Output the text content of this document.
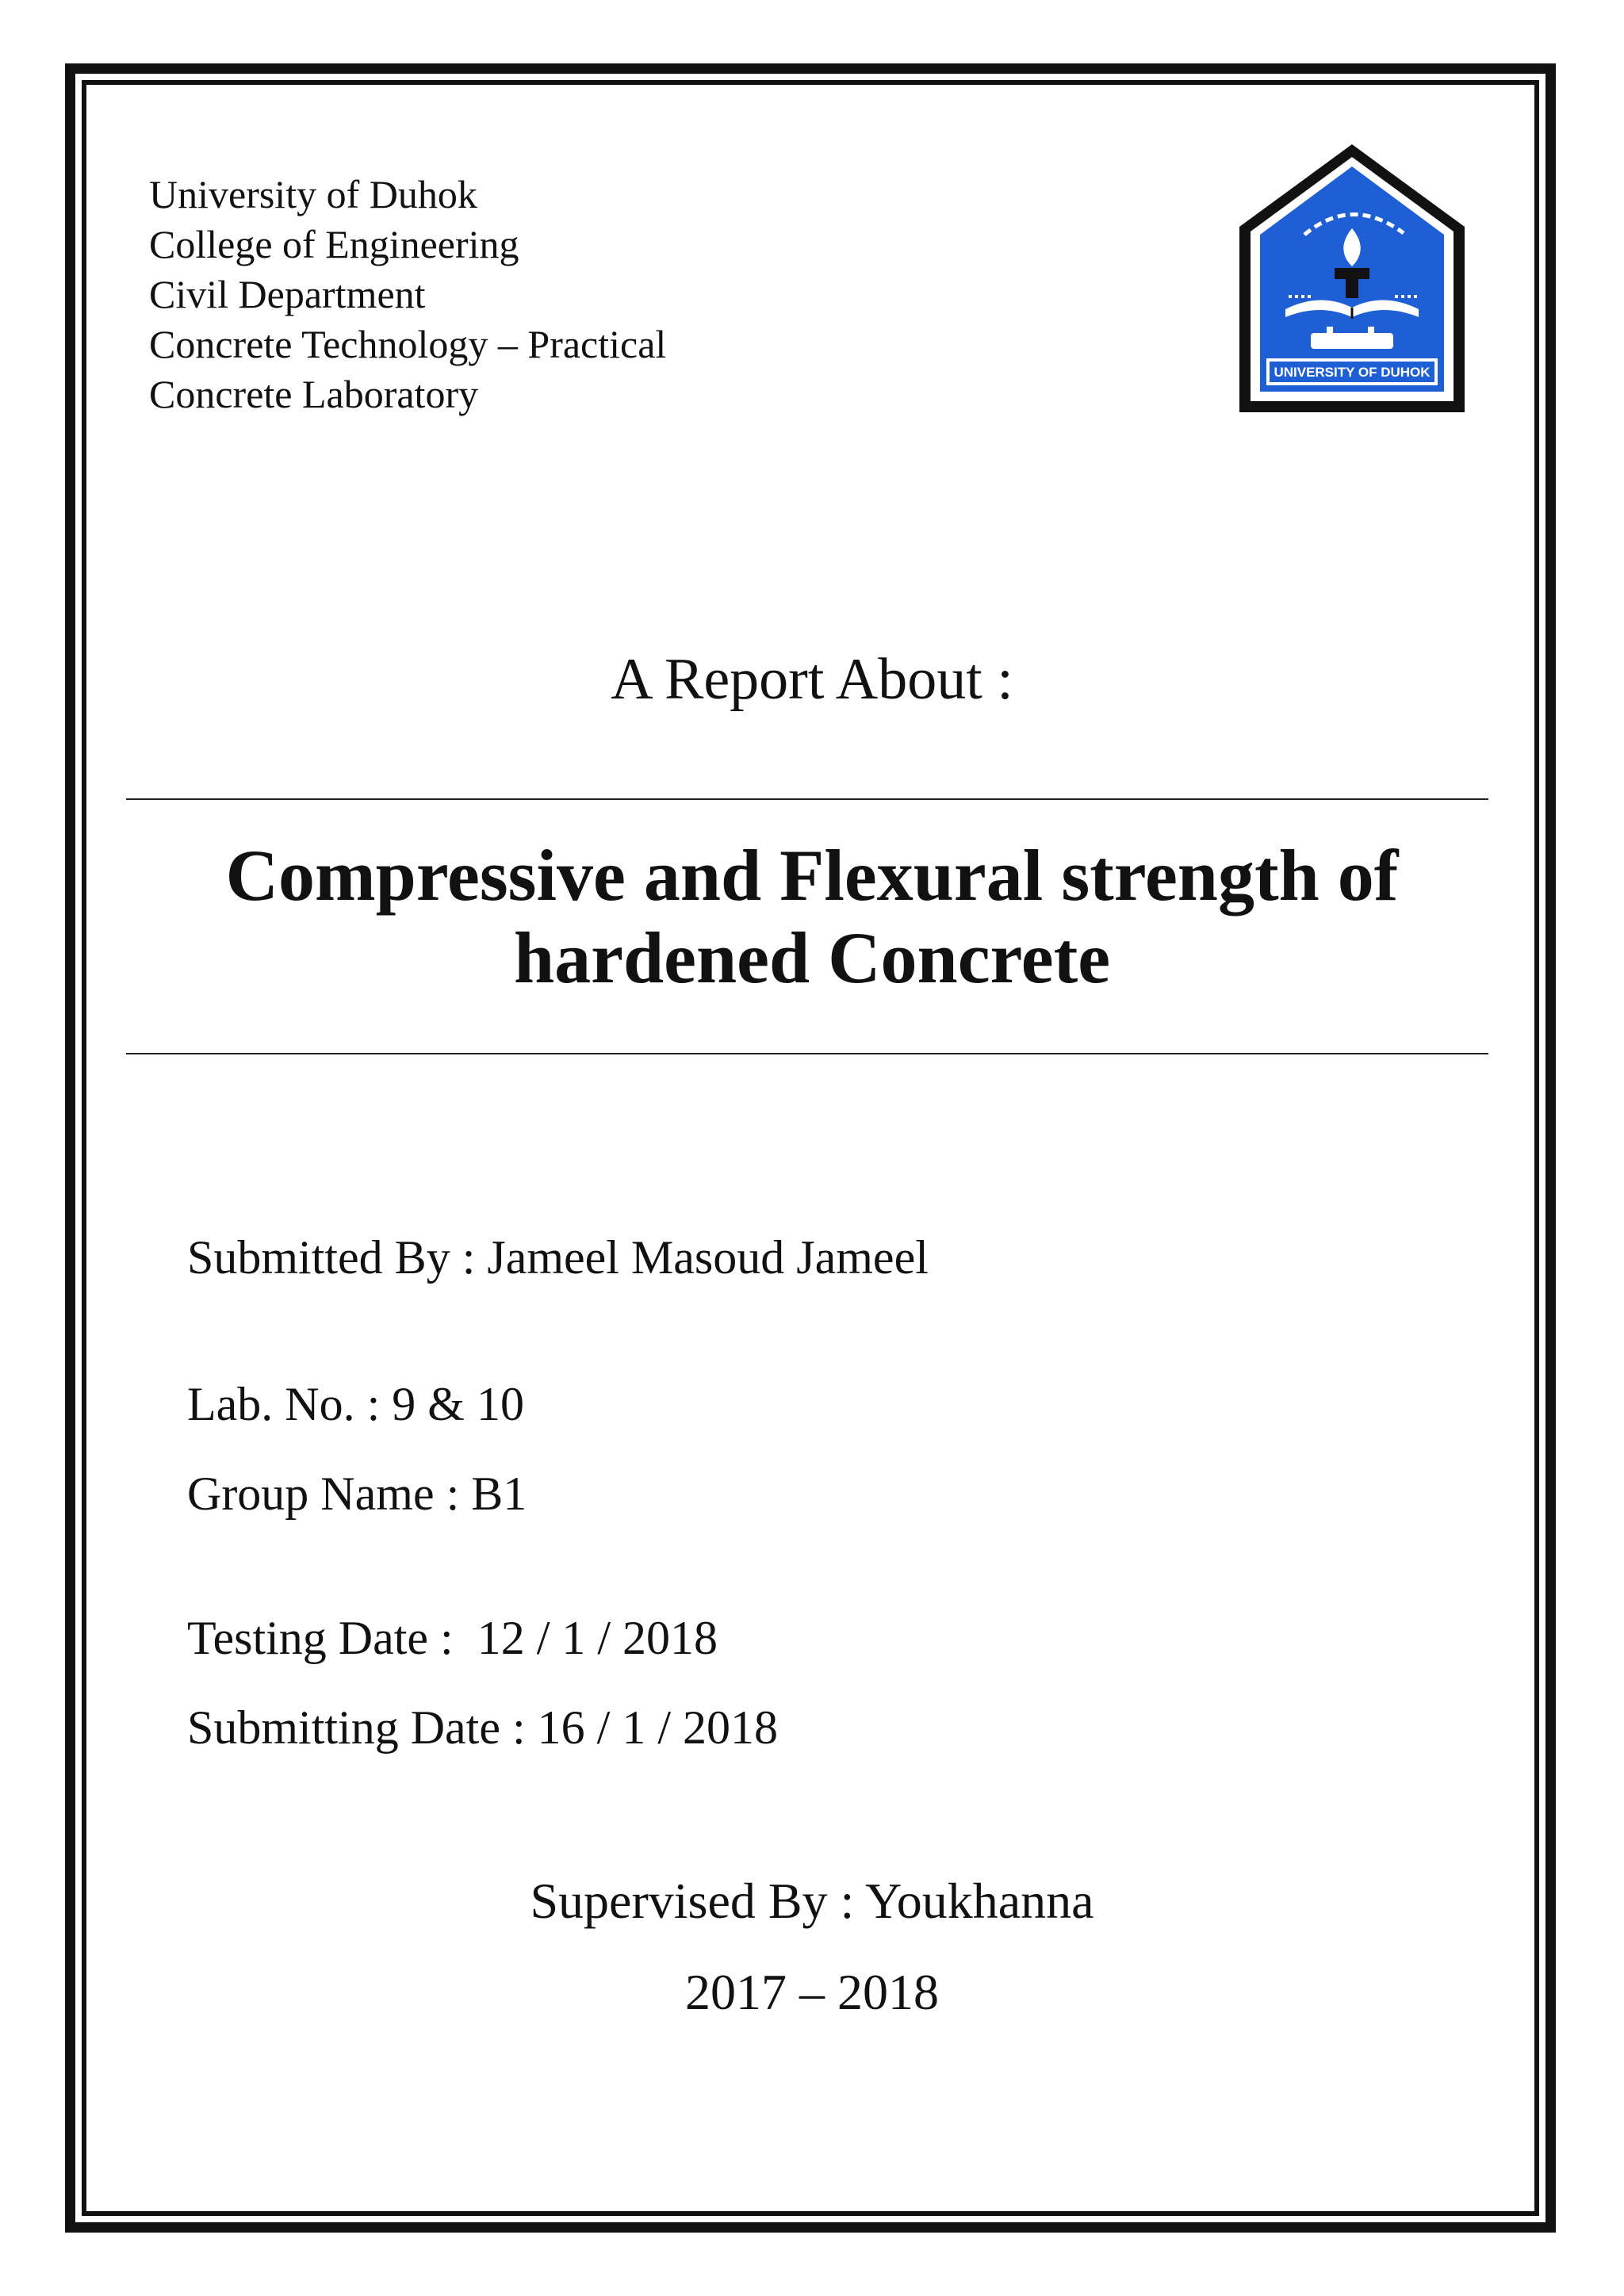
University of Duhok
College of Engineering
Civil Department
Concrete Technology – Practical
Concrete Laboratory	UNIVERSITY OF DUHOK
A Report About :
Compressive and Flexural strength of
hardened Concrete
Submitted By : Jameel Masoud Jameel
Lab. No. : 9 & 10
Group Name : B1
Testing Date :  12 / 1 / 2018
Submitting Date : 16 / 1 / 2018
Supervised By : Youkhanna
2017 – 2018
